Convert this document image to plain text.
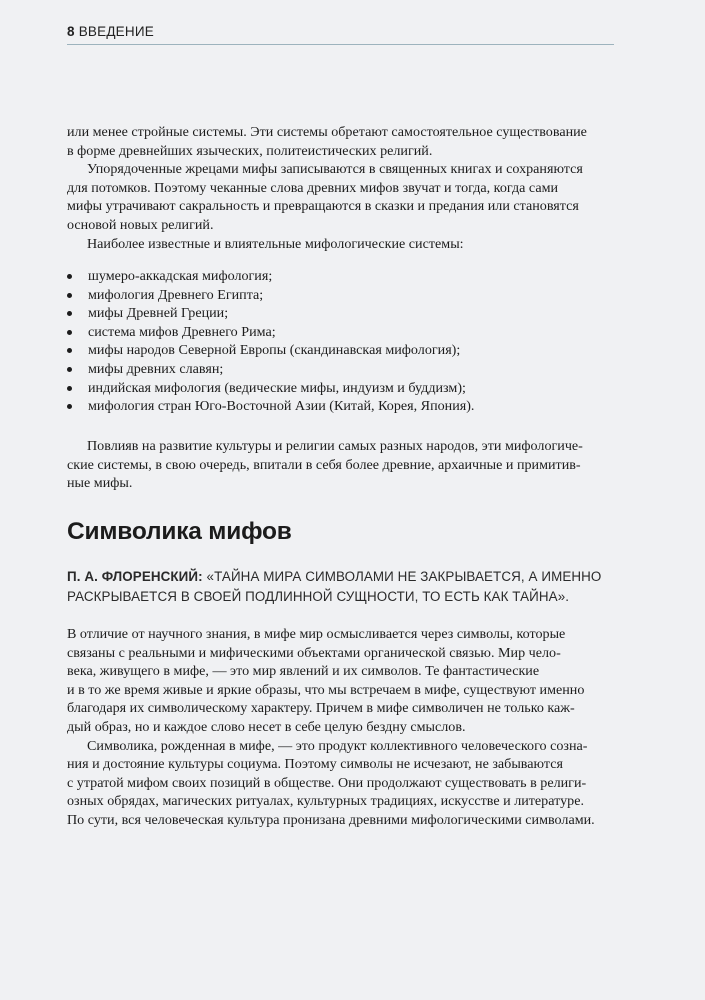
8 ВВЕДЕНИЕ
или менее стройные системы. Эти системы обретают самостоятельное существование
в форме древнейших языческих, политеистических религий.
Упорядоченные жрецами мифы записываются в священных книгах и сохраняются
для потомков. Поэтому чеканные слова древних мифов звучат и тогда, когда сами
мифы утрачивают сакральность и превращаются в сказки и предания или становятся
основой новых религий.
Наиболее известные и влиятельные мифологические системы:
шумеро-аккадская мифология;
мифология Древнего Египта;
мифы Древней Греции;
система мифов Древнего Рима;
мифы народов Северной Европы (скандинавская мифология);
мифы древних славян;
индийская мифология (ведические мифы, индуизм и буддизм);
мифология стран Юго-Восточной Азии (Китай, Корея, Япония).
Повлияв на развитие культуры и религии самых разных народов, эти мифологиче-
ские системы, в свою очередь, впитали в себя более древние, архаичные и примитив-
ные мифы.
Символика мифов
П. А. ФЛОРЕНСКИЙ: «ТАЙНА МИРА СИМВОЛАМИ НЕ ЗАКРЫВАЕТСЯ, А ИМЕННО
РАСКРЫВАЕТСЯ В СВОЕЙ ПОДЛИННОЙ СУЩНОСТИ, ТО ЕСТЬ КАК ТАЙНА».
В отличие от научного знания, в мифе мир осмысливается через символы, которые
связаны с реальными и мифическими объектами органической связью. Мир чело-
века, живущего в мифе, — это мир явлений и их символов. Те фантастические
и в то же время живые и яркие образы, что мы встречаем в мифе, существуют именно
благодаря их символическому характеру. Причем в мифе символичен не только каж-
дый образ, но и каждое слово несет в себе целую бездну смыслов.
Символика, рожденная в мифе, — это продукт коллективного человеческого созна-
ния и достояние культуры социума. Поэтому символы не исчезают, не забываются
с утратой мифом своих позиций в обществе. Они продолжают существовать в религи-
озных обрядах, магических ритуалах, культурных традициях, искусстве и литературе.
По сути, вся человеческая культура пронизана древними мифологическими символами.
